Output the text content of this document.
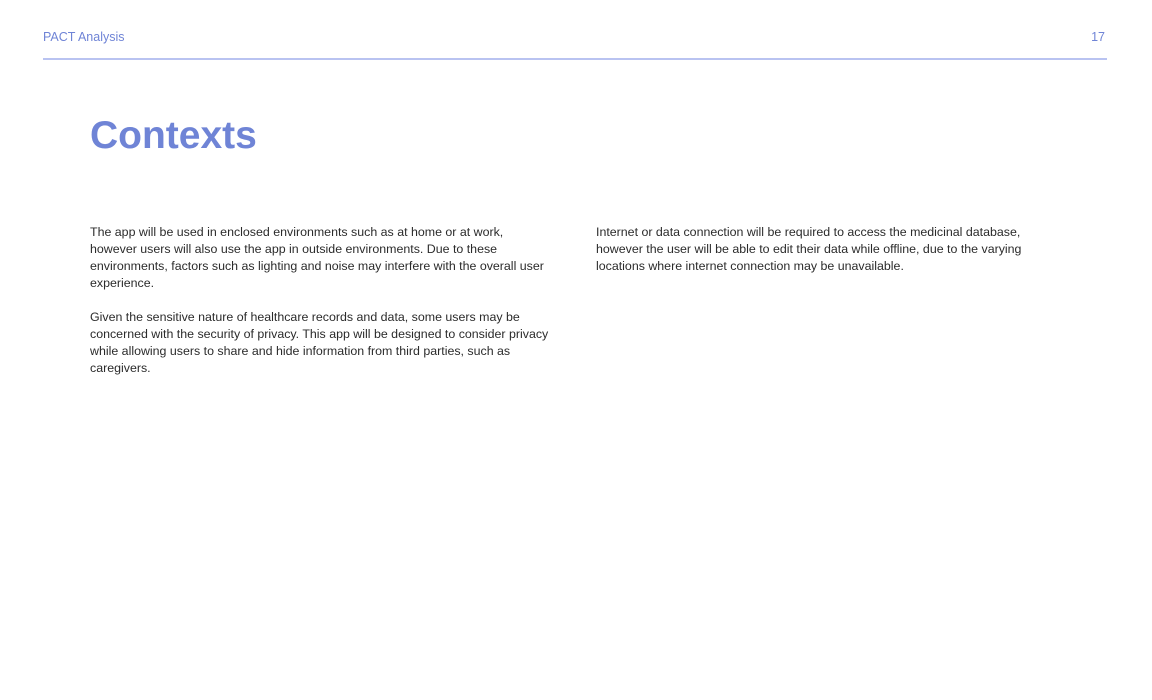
PACT Analysis	17
Contexts

The app will be used in enclosed environments such as at home or at work, however users will also use the app in outside environments. Due to these environments, factors such as lighting and noise may interfere with the overall user experience.

Given the sensitive nature of healthcare records and data, some users may be concerned with the security of privacy. This app will be designed to consider privacy while allowing users to share and hide information from third parties, such as caregivers.

Internet or data connection will be required to access the medicinal database, however the user will be able to edit their data while offline, due to the varying locations where internet connection may be unavailable.
